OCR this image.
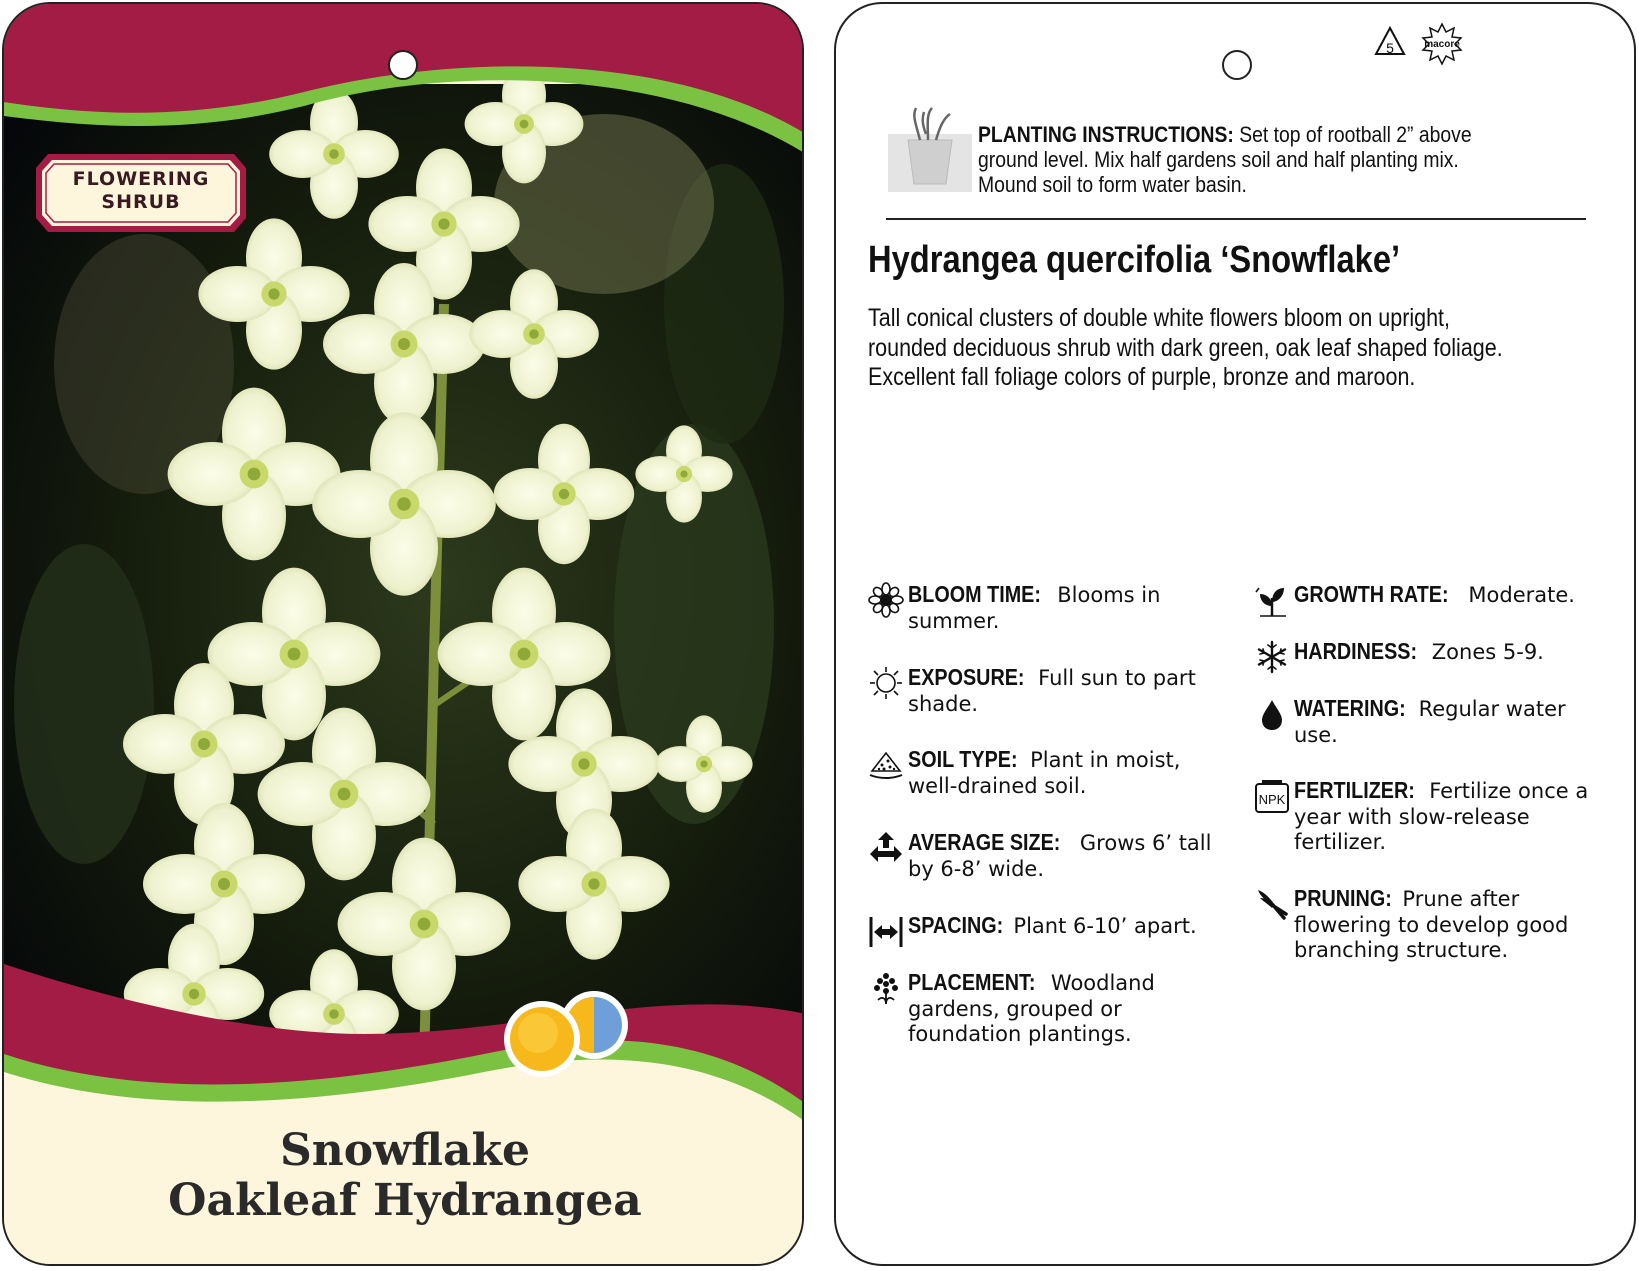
FLOWERING
SHRUB
Snowflake
Oakleaf Hydrangea
5	macore
PLANTING INSTRUCTIONS: Set top of rootball 2” above
ground level. Mix half gardens soil and half planting mix.
Mound soil to form water basin.
Hydrangea quercifolia ‘Snowflake’
Tall conical clusters of double white flowers bloom on upright,
rounded deciduous shrub with dark green, oak leaf shaped foliage.
Excellent fall foliage colors of purple, bronze and maroon.
BLOOM TIME: Blooms in
summer.
EXPOSURE: Full sun to part
shade.
SOIL TYPE: Plant in moist,
well-drained soil.
AVERAGE SIZE: Grows 6’ tall
by 6-8’ wide.
SPACING: Plant 6-10’ apart.
PLACEMENT: Woodland
gardens, grouped or
foundation plantings.
GROWTH RATE: Moderate.
HARDINESS: Zones 5-9.
WATERING: Regular water
use.
NPK FERTILIZER: Fertilize once a
year with slow-release
fertilizer.
PRUNING: Prune after
flowering to develop good
branching structure.
